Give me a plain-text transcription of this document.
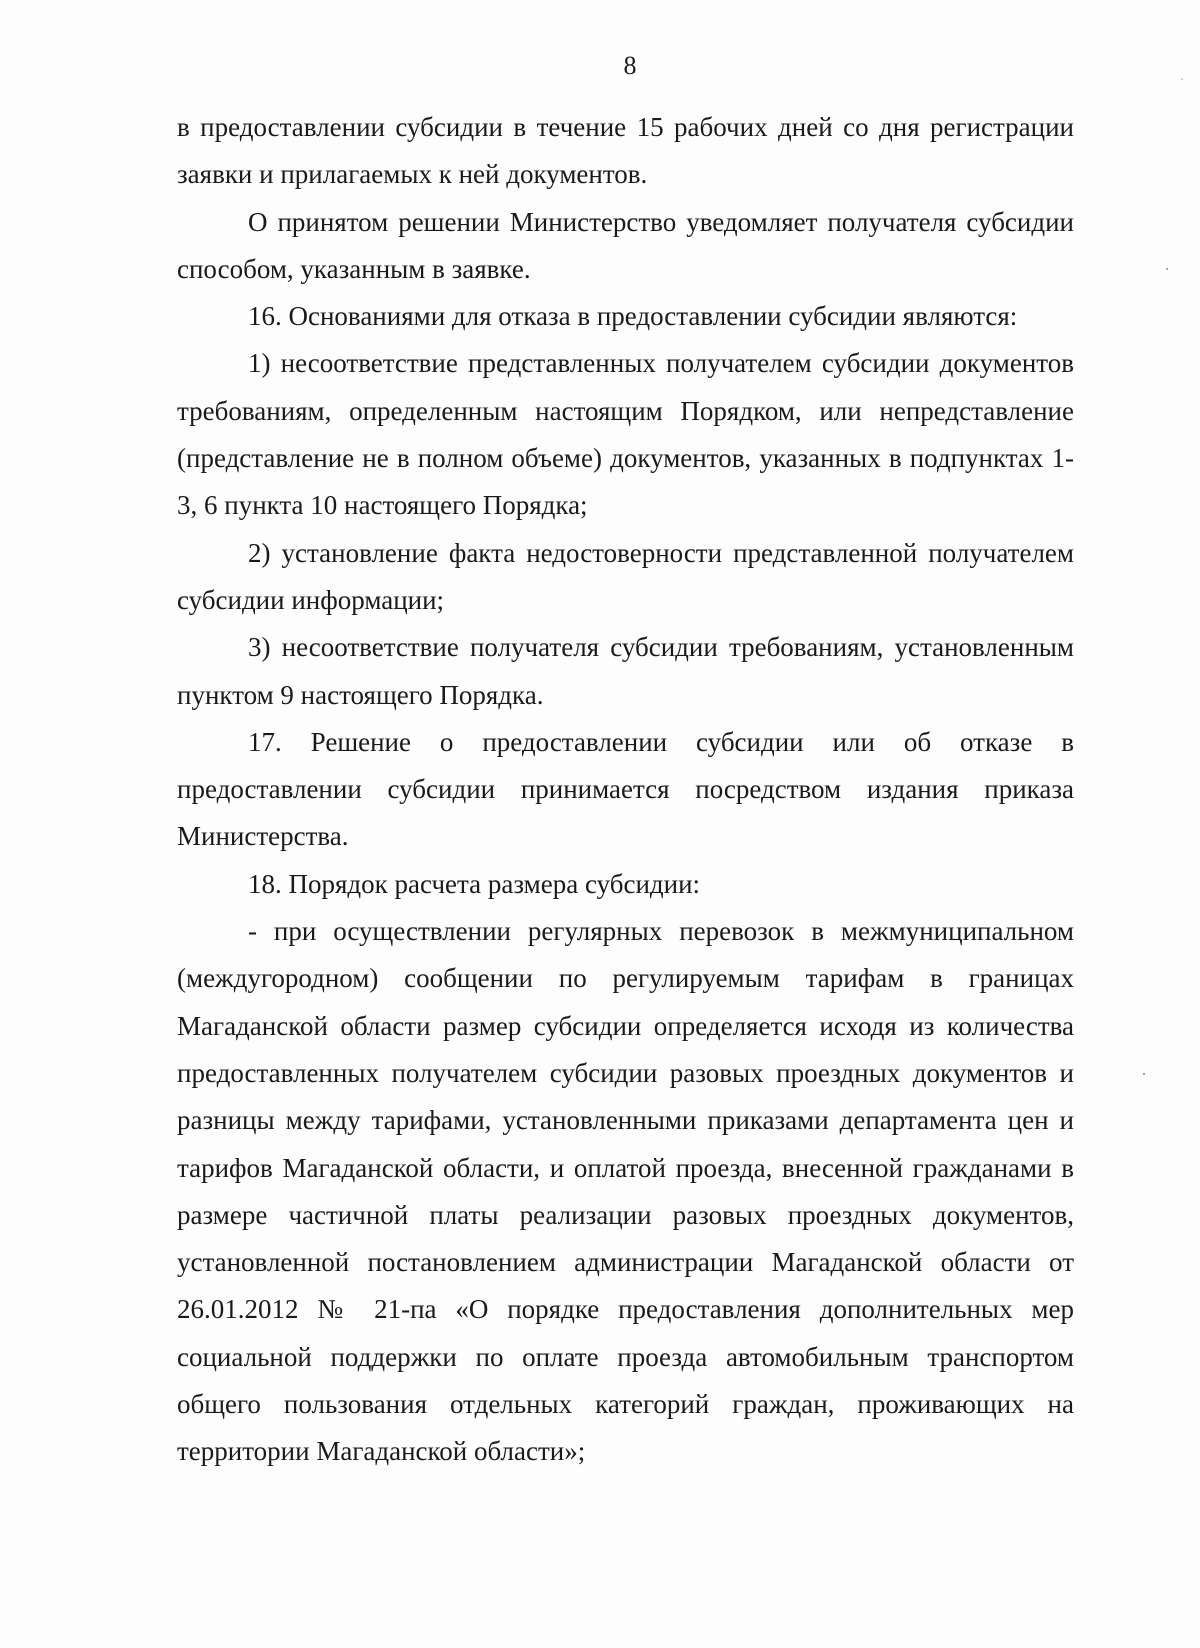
8

в предоставлении субсидии в течение 15 рабочих дней со дня регистрации заявки и прилагаемых к ней документов.

О принятом решении Министерство уведомляет получателя субсидии способом, указанным в заявке.

16. Основаниями для отказа в предоставлении субсидии являются:

1) несоответствие представленных получателем субсидии документов требованиям, определенным настоящим Порядком, или непредставление (представление не в полном объеме) документов, указанных в подпунктах 1-3, 6 пункта 10 настоящего Порядка;

2) установление факта недостоверности представленной получателем субсидии информации;

3) несоответствие получателя субсидии требованиям, установленным пунктом 9 настоящего Порядка.

17. Решение о предоставлении субсидии или об отказе в предоставлении субсидии принимается посредством издания приказа Министерства.

18. Порядок расчета размера субсидии:

- при осуществлении регулярных перевозок в межмуниципальном (междугородном) сообщении по регулируемым тарифам в границах Магаданской области размер субсидии определяется исходя из количества предоставленных получателем субсидии разовых проездных документов и разницы между тарифами, установленными приказами департамента цен и тарифов Магаданской области, и оплатой проезда, внесенной гражданами в размере частичной платы реализации разовых проездных документов, установленной постановлением администрации Магаданской области от 26.01.2012 № 21-па «О порядке предоставления дополнительных мер социальной поддержки по оплате проезда автомобильным транспортом общего пользования отдельных категорий граждан, проживающих на территории Магаданской области»;
